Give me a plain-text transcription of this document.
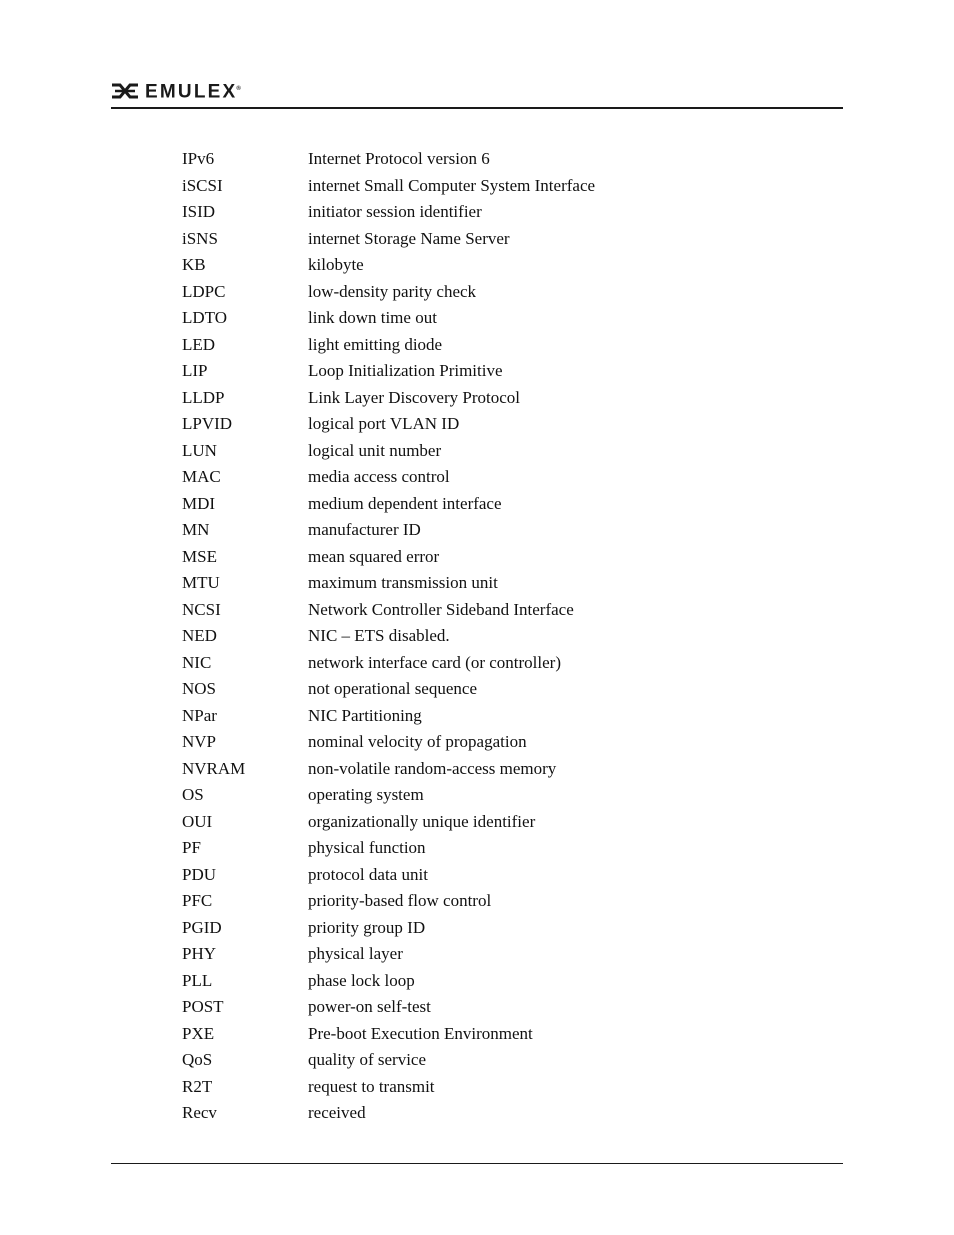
EMULEX®
IPv6	Internet Protocol version 6
iSCSI	internet Small Computer System Interface
ISID	initiator session identifier
iSNS	internet Storage Name Server
KB	kilobyte
LDPC	low-density parity check
LDTO	link down time out
LED	light emitting diode
LIP	Loop Initialization Primitive
LLDP	Link Layer Discovery Protocol
LPVID	logical port VLAN ID
LUN	logical unit number
MAC	media access control
MDI	medium dependent interface
MN	manufacturer ID
MSE	mean squared error
MTU	maximum transmission unit
NCSI	Network Controller Sideband Interface
NED	NIC – ETS disabled.
NIC	network interface card (or controller)
NOS	not operational sequence
NPar	NIC Partitioning
NVP	nominal velocity of propagation
NVRAM	non-volatile random-access memory
OS	operating system
OUI	organizationally unique identifier
PF	physical function
PDU	protocol data unit
PFC	priority-based flow control
PGID	priority group ID
PHY	physical layer
PLL	phase lock loop
POST	power-on self-test
PXE	Pre-boot Execution Environment
QoS	quality of service
R2T	request to transmit
Recv	received
